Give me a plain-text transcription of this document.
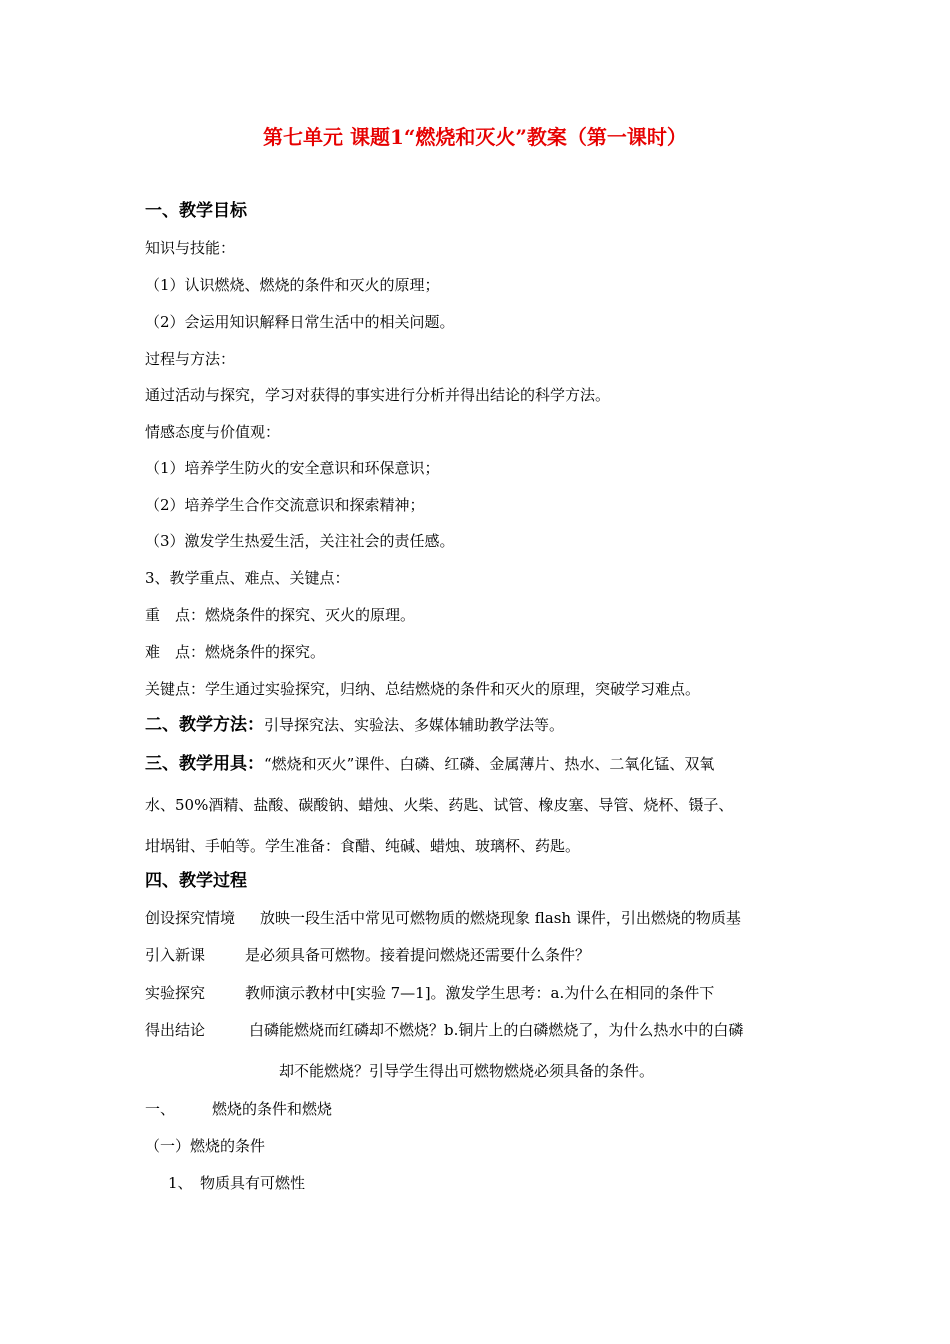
第七单元 课题1“燃烧和灭火”教案（第一课时）
一、教学目标
知识与技能：
（1）认识燃烧、燃烧的条件和灭火的原理；
（2）会运用知识解释日常生活中的相关问题。
过程与方法：
通过活动与探究，学习对获得的事实进行分析并得出结论的科学方法。
情感态度与价值观：
（1）培养学生防火的安全意识和环保意识；
（2）培养学生合作交流意识和探索精神；
（3）激发学生热爱生活，关注社会的责任感。
3、教学重点、难点、关键点：
重　点：燃烧条件的探究、灭火的原理。
难　点：燃烧条件的探究。
关键点：学生通过实验探究，归纳、总结燃烧的条件和灭火的原理，突破学习难点。
二、教学方法：引导探究法、实验法、多媒体辅助教学法等。
三、教学用具：“燃烧和灭火”课件、白磷、红磷、金属薄片、热水、二氧化锰、双氧
水、50%酒精、盐酸、碳酸钠、蜡烛、火柴、药匙、试管、橡皮塞、导管、烧杯、镊子、
坩埚钳、手帕等。学生准备：食醋、纯碱、蜡烛、玻璃杯、药匙。
四、教学过程
创设探究情境 放映一段生活中常见可燃物质的燃烧现象 flash 课件，引出燃烧的物质基
引入新课	是必须具备可燃物。接着提问燃烧还需要什么条件？
实验探究	教师演示教材中[实验 7—1]。激发学生思考：a.为什么在相同的条件下
得出结论	白磷能燃烧而红磷却不燃烧？b.铜片上的白磷燃烧了，为什么热水中的白磷
却不能燃烧？引导学生得出可燃物燃烧必须具备的条件。
一、 燃烧的条件和燃烧
（一）燃烧的条件
1、 物质具有可燃性
